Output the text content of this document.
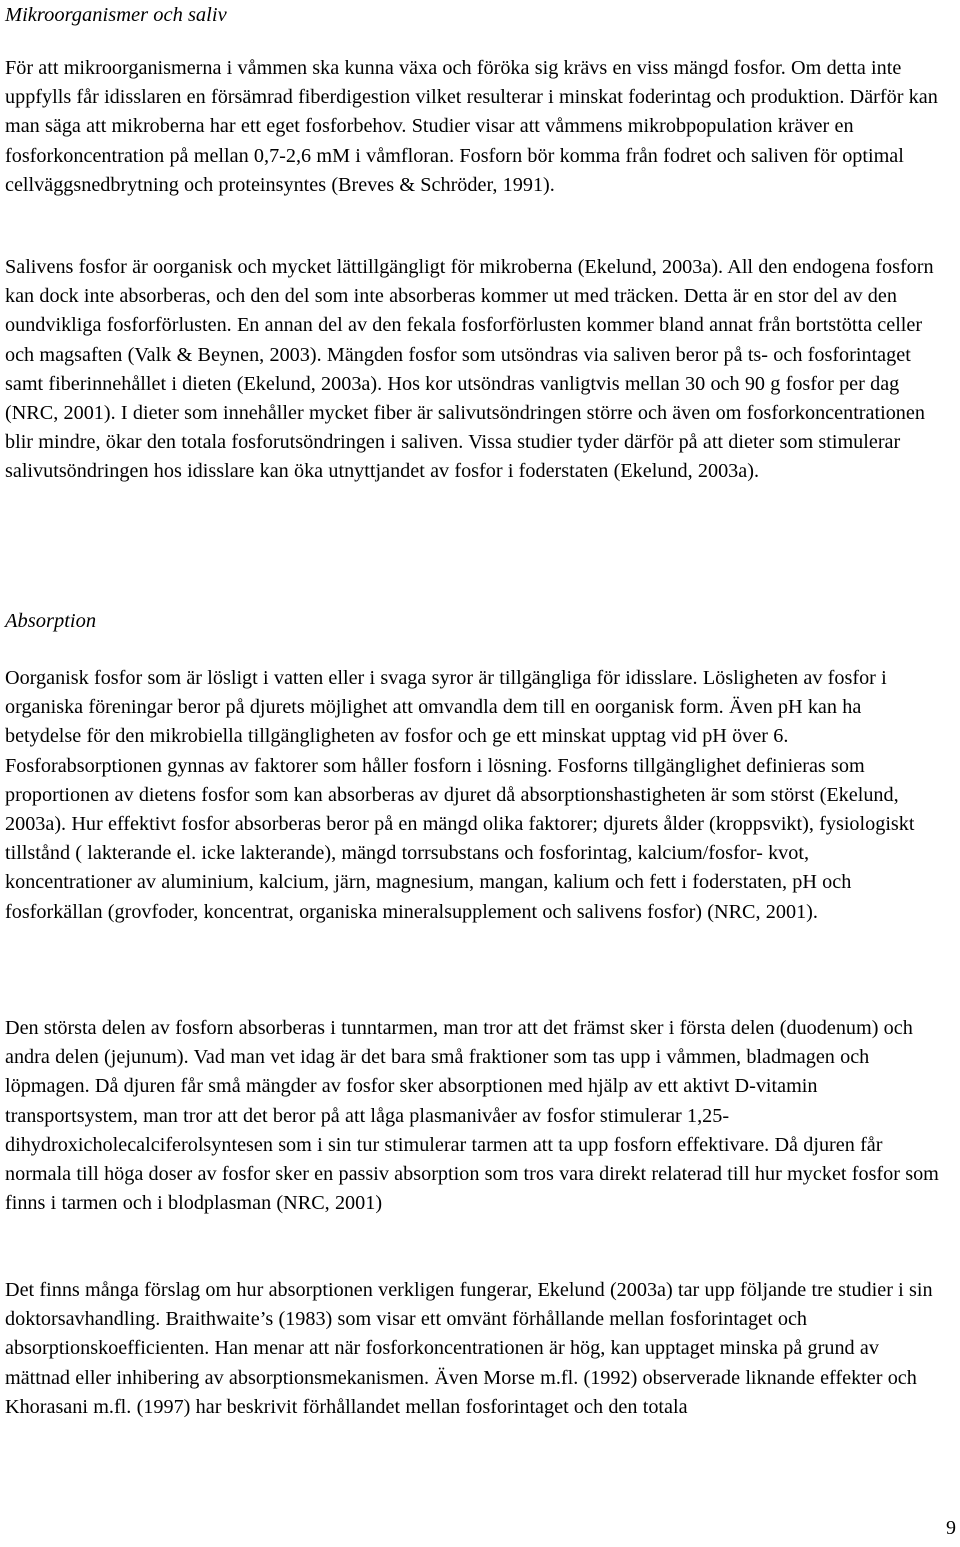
Mikroorganismer och saliv

För att mikroorganismerna i våmmen ska kunna växa och föröka sig krävs en viss mängd fosfor. Om detta inte uppfylls får idisslaren en försämrad fiberdigestion vilket resulterar i minskat foderintag och produktion. Därför kan man säga att mikroberna har ett eget fosforbehov. Studier visar att våmmens mikrobpopulation kräver en fosforkoncentration på mellan 0,7-2,6 mM i våmfloran. Fosforn bör komma från fodret och saliven för optimal cellväggsnedbrytning och proteinsyntes (Breves & Schröder, 1991).

Salivens fosfor är oorganisk och mycket lättillgängligt för mikroberna (Ekelund, 2003a). All den endogena fosforn kan dock inte absorberas, och den del som inte absorberas kommer ut med träcken. Detta är en stor del av den oundvikliga fosforförlusten. En annan del av den fekala fosforförlusten kommer bland annat från bortstötta celler och magsaften (Valk & Beynen, 2003). Mängden fosfor som utsöndras via saliven beror på ts- och fosforintaget samt fiberinnehållet i dieten (Ekelund, 2003a). Hos kor utsöndras vanligtvis mellan 30 och 90 g fosfor per dag (NRC, 2001). I dieter som innehåller mycket fiber är salivutsöndringen större och även om fosforkoncentrationen blir mindre, ökar den totala fosforutsöndringen i saliven. Vissa studier tyder därför på att dieter som stimulerar salivutsöndringen hos idisslare kan öka utnyttjandet av fosfor i foderstaten (Ekelund, 2003a).

Absorption

Oorganisk fosfor som är lösligt i vatten eller i svaga syror är tillgängliga för idisslare. Lösligheten av fosfor i organiska föreningar beror på djurets möjlighet att omvandla dem till en oorganisk form. Även pH kan ha betydelse för den mikrobiella tillgängligheten av fosfor och ge ett minskat upptag vid pH över 6. Fosforabsorptionen gynnas av faktorer som håller fosforn i lösning. Fosforns tillgänglighet definieras som proportionen av dietens fosfor som kan absorberas av djuret då absorptionshastigheten är som störst (Ekelund, 2003a). Hur effektivt fosfor absorberas beror på en mängd olika faktorer; djurets ålder (kroppsvikt), fysiologiskt tillstånd ( lakterande el. icke lakterande), mängd torrsubstans och fosforintag, kalcium/fosfor- kvot, koncentrationer av aluminium, kalcium, järn, magnesium, mangan, kalium och fett i foderstaten, pH och fosforkällan (grovfoder, koncentrat, organiska mineralsupplement och salivens fosfor) (NRC, 2001).

Den största delen av fosforn absorberas i tunntarmen, man tror att det främst sker i första delen (duodenum) och andra delen (jejunum). Vad man vet idag är det bara små fraktioner som tas upp i våmmen, bladmagen och löpmagen. Då djuren får små mängder av fosfor sker absorptionen med hjälp av ett aktivt D-vitamin transportsystem, man tror att det beror på att låga plasmanivåer av fosfor stimulerar 1,25- dihydroxicholecalciferolsyntesen som i sin tur stimulerar tarmen att ta upp fosforn effektivare. Då djuren får normala till höga doser av fosfor sker en passiv absorption som tros vara direkt relaterad till hur mycket fosfor som finns i tarmen och i blodplasman (NRC, 2001)

Det finns många förslag om hur absorptionen verkligen fungerar, Ekelund (2003a) tar upp följande tre studier i sin doktorsavhandling. Braithwaite’s (1983) som visar ett omvänt förhållande mellan fosforintaget och absorptionskoefficienten. Han menar att när fosforkoncentrationen är hög, kan upptaget minska på grund av mättnad eller inhibering av absorptionsmekanismen. Även Morse m.fl. (1992) observerade liknande effekter och Khorasani m.fl. (1997) har beskrivit förhållandet mellan fosforintaget och den totala

9
